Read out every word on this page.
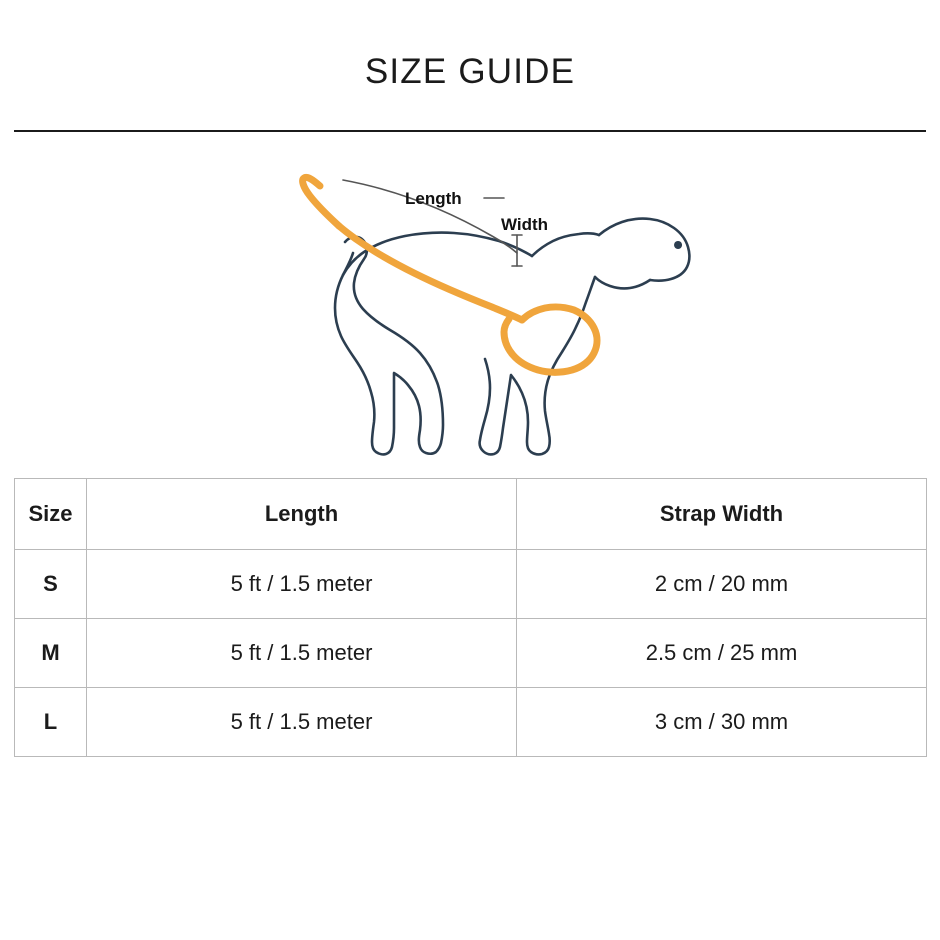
SIZE GUIDE
Length
Width
Size	Length	Strap Width
S	5 ft / 1.5 meter	2 cm / 20 mm
M	5 ft / 1.5 meter	2.5 cm / 25 mm
L	5 ft / 1.5 meter	3 cm / 30 mm
